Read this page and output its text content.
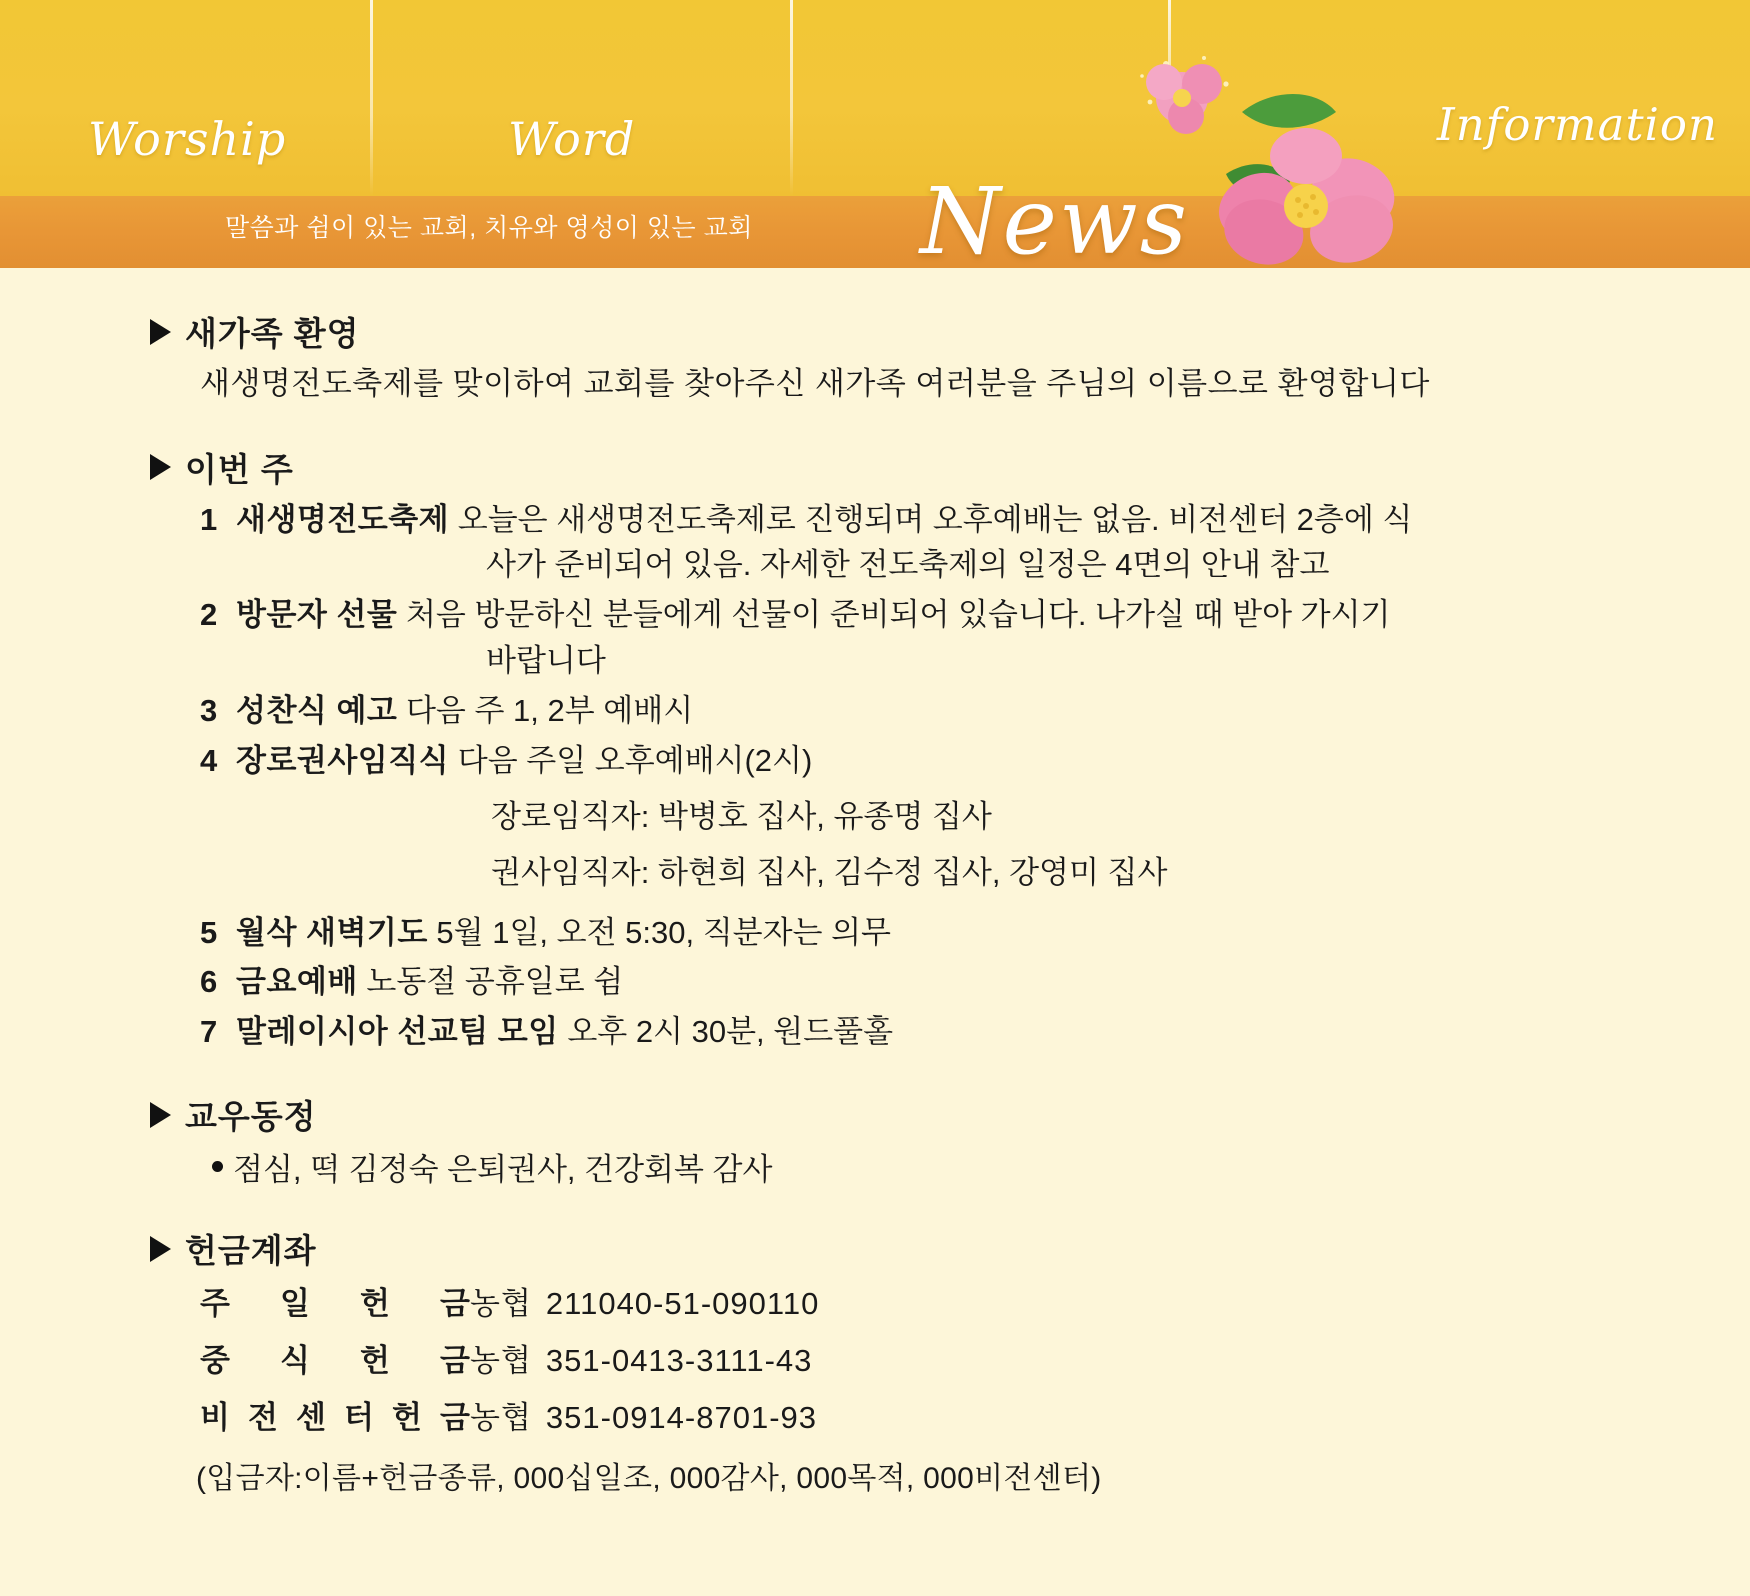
Worship	Word	Information
말씀과 쉼이 있는 교회, 치유와 영성이 있는 교회 News
새가족 환영
새생명전도축제를 맞이하여 교회를 찾아주신 새가족 여러분을 주님의 이름으로 환영합니다
이번 주
1 새생명전도축제 오늘은 새생명전도축제로 진행되며 오후예배는 없음. 비전센터 2층에 식
사가 준비되어 있음. 자세한 전도축제의 일정은 4면의 안내 참고
2 방문자 선물 처음 방문하신 분들에게 선물이 준비되어 있습니다. 나가실 때 받아 가시기
바랍니다
3 성찬식 예고 다음 주 1, 2부 예배시
4 장로권사임직식 다음 주일 오후예배시(2시)
장로임직자: 박병호 집사, 유종명 집사
권사임직자: 하현희 집사, 김수정 집사, 강영미 집사
5 월삭 새벽기도 5월 1일, 오전 5:30, 직분자는 의무
6 금요예배 노동절 공휴일로 쉼
7 말레이시아 선교팀 모임 오후 2시 30분, 원드풀홀
교우동정
점심, 떡 김정숙 은퇴권사, 건강회복 감사
헌금계좌
주 일 헌 금 농협 211040-51-090110
중 식 헌 금 농협 351-0413-3111-43
비 전 센 터 헌 금 농협 351-0914-8701-93
(입금자:이름+헌금종류, 000십일조, 000감사, 000목적, 000비전센터)
